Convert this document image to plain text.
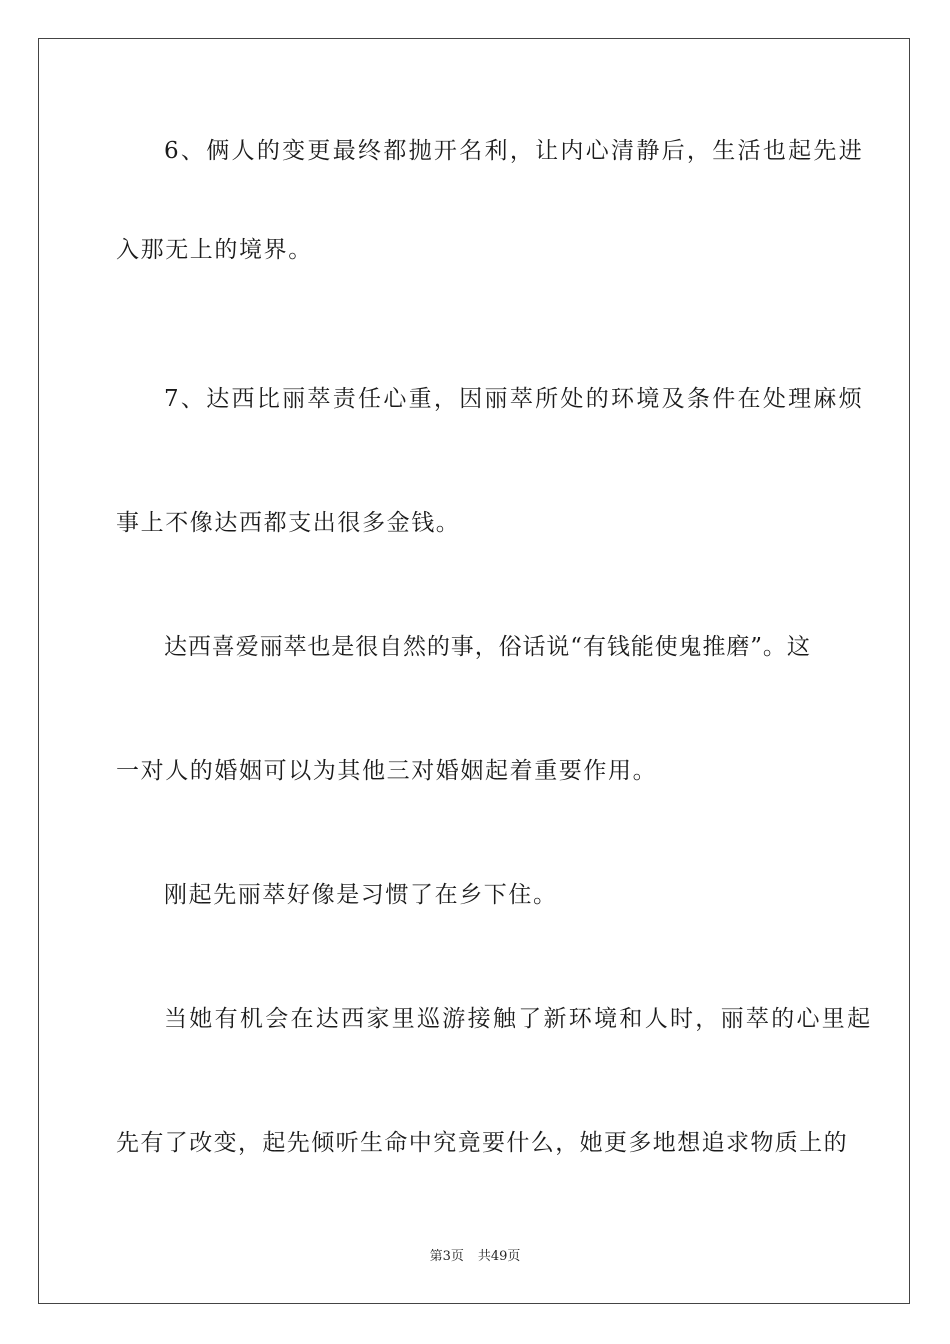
6、俩人的变更最终都抛开名利，让内心清静后，生活也起先进
入那无上的境界。
7、达西比丽萃责任心重，因丽萃所处的环境及条件在处理麻烦
事上不像达西都支出很多金钱。
达西喜爱丽萃也是很自然的事，俗话说“有钱能使鬼推磨”。这
一对人的婚姻可以为其他三对婚姻起着重要作用。
刚起先丽萃好像是习惯了在乡下住。
当她有机会在达西家里巡游接触了新环境和人时，丽萃的心里起
先有了改变，起先倾听生命中究竟要什么，她更多地想追求物质上的
第3页 共49页
